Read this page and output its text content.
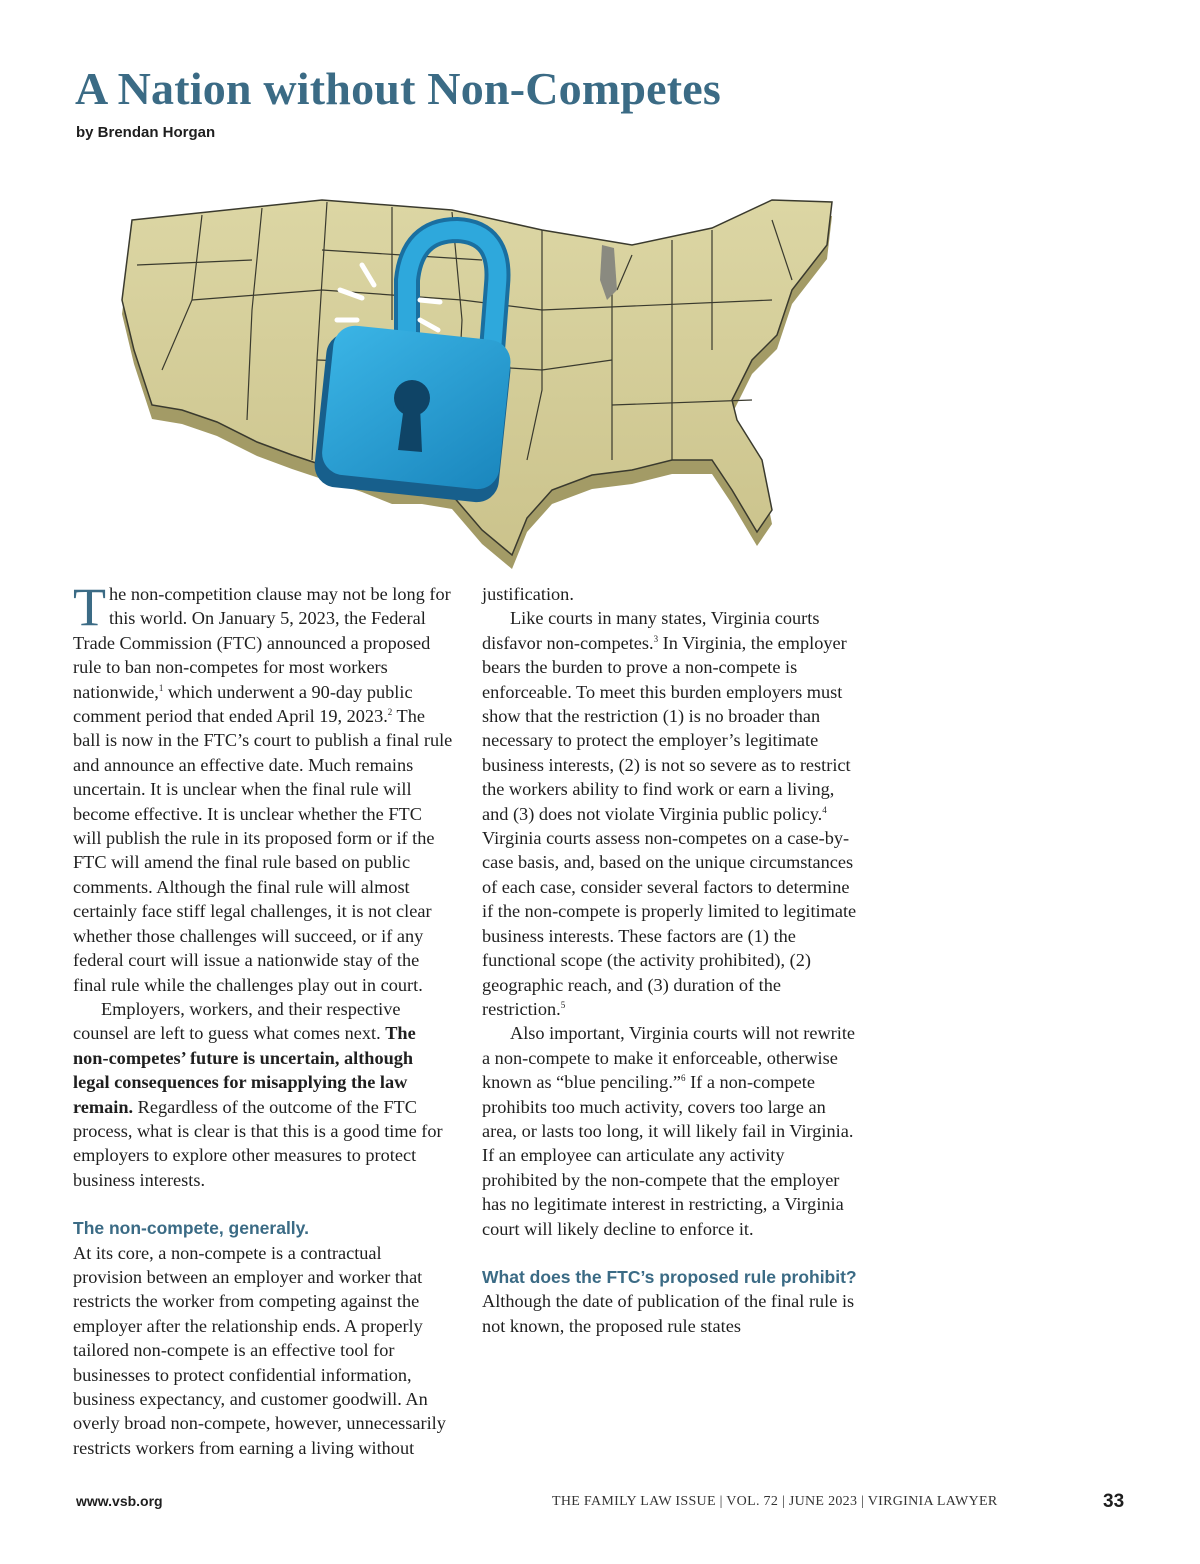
A Nation without Non-Competes
by Brendan Horgan

The non-competition clause may not be long for this world. On January 5, 2023, the Federal Trade Commission (FTC) announced a proposed rule to ban non-competes for most workers nationwide,$^1$ which underwent a 90-day public comment period that ended April 19, 2023.$^2$ The ball is now in the FTC’s court to publish a final rule and announce an effective date. Much remains uncertain. It is unclear when the final rule will become effective. It is unclear whether the FTC will publish the rule in its proposed form or if the FTC will amend the final rule based on public comments. Although the final rule will almost certainly face stiff legal challenges, it is not clear whether those challenges will succeed, or if any federal court will issue a nationwide stay of the final rule while the challenges play out in court.

Employers, workers, and their respective counsel are left to guess what comes next. The non-competes’ future is uncertain, although legal consequences for misapplying the law remain. Regardless of the outcome of the FTC process, what is clear is that this is a good time for employers to explore other measures to protect business interests.

The non-compete, generally.

At its core, a non-compete is a contractual provision between an employer and worker that restricts the worker from competing against the employer after the relationship ends. A properly tailored non-compete is an effective tool for businesses to protect confidential information, business expectancy, and customer goodwill. An overly broad non-compete, however, unnecessarily restricts workers from earning a living without

justification.

Like courts in many states, Virginia courts disfavor non-competes.$^3$ In Virginia, the employer bears the burden to prove a non-compete is enforceable. To meet this burden employers must show that the restriction (1) is no broader than necessary to protect the employer’s legitimate business interests, (2) is not so severe as to restrict the workers ability to find work or earn a living, and (3) does not violate Virginia public policy.$^4$ Virginia courts assess non-competes on a case-by-case basis, and, based on the unique circumstances of each case, consider several factors to determine if the non-compete is properly limited to legitimate business interests. These factors are (1) the functional scope (the activity prohibited), (2) geographic reach, and (3) duration of the restriction.$^5$

Also important, Virginia courts will not rewrite a non-compete to make it enforceable, otherwise known as “blue penciling.”$^6$ If a non-compete prohibits too much activity, covers too large an area, or lasts too long, it will likely fail in Virginia. If an employee can articulate any activity prohibited by the non-compete that the employer has no legitimate interest in restricting, a Virginia court will likely decline to enforce it.

What does the FTC’s proposed rule prohibit?

Although the date of publication of the final rule is not known, the proposed rule states

www.vsb.org	THE FAMILY LAW ISSUE | VOL. 72 | JUNE 2023 | VIRGINIA LAWYER	33
